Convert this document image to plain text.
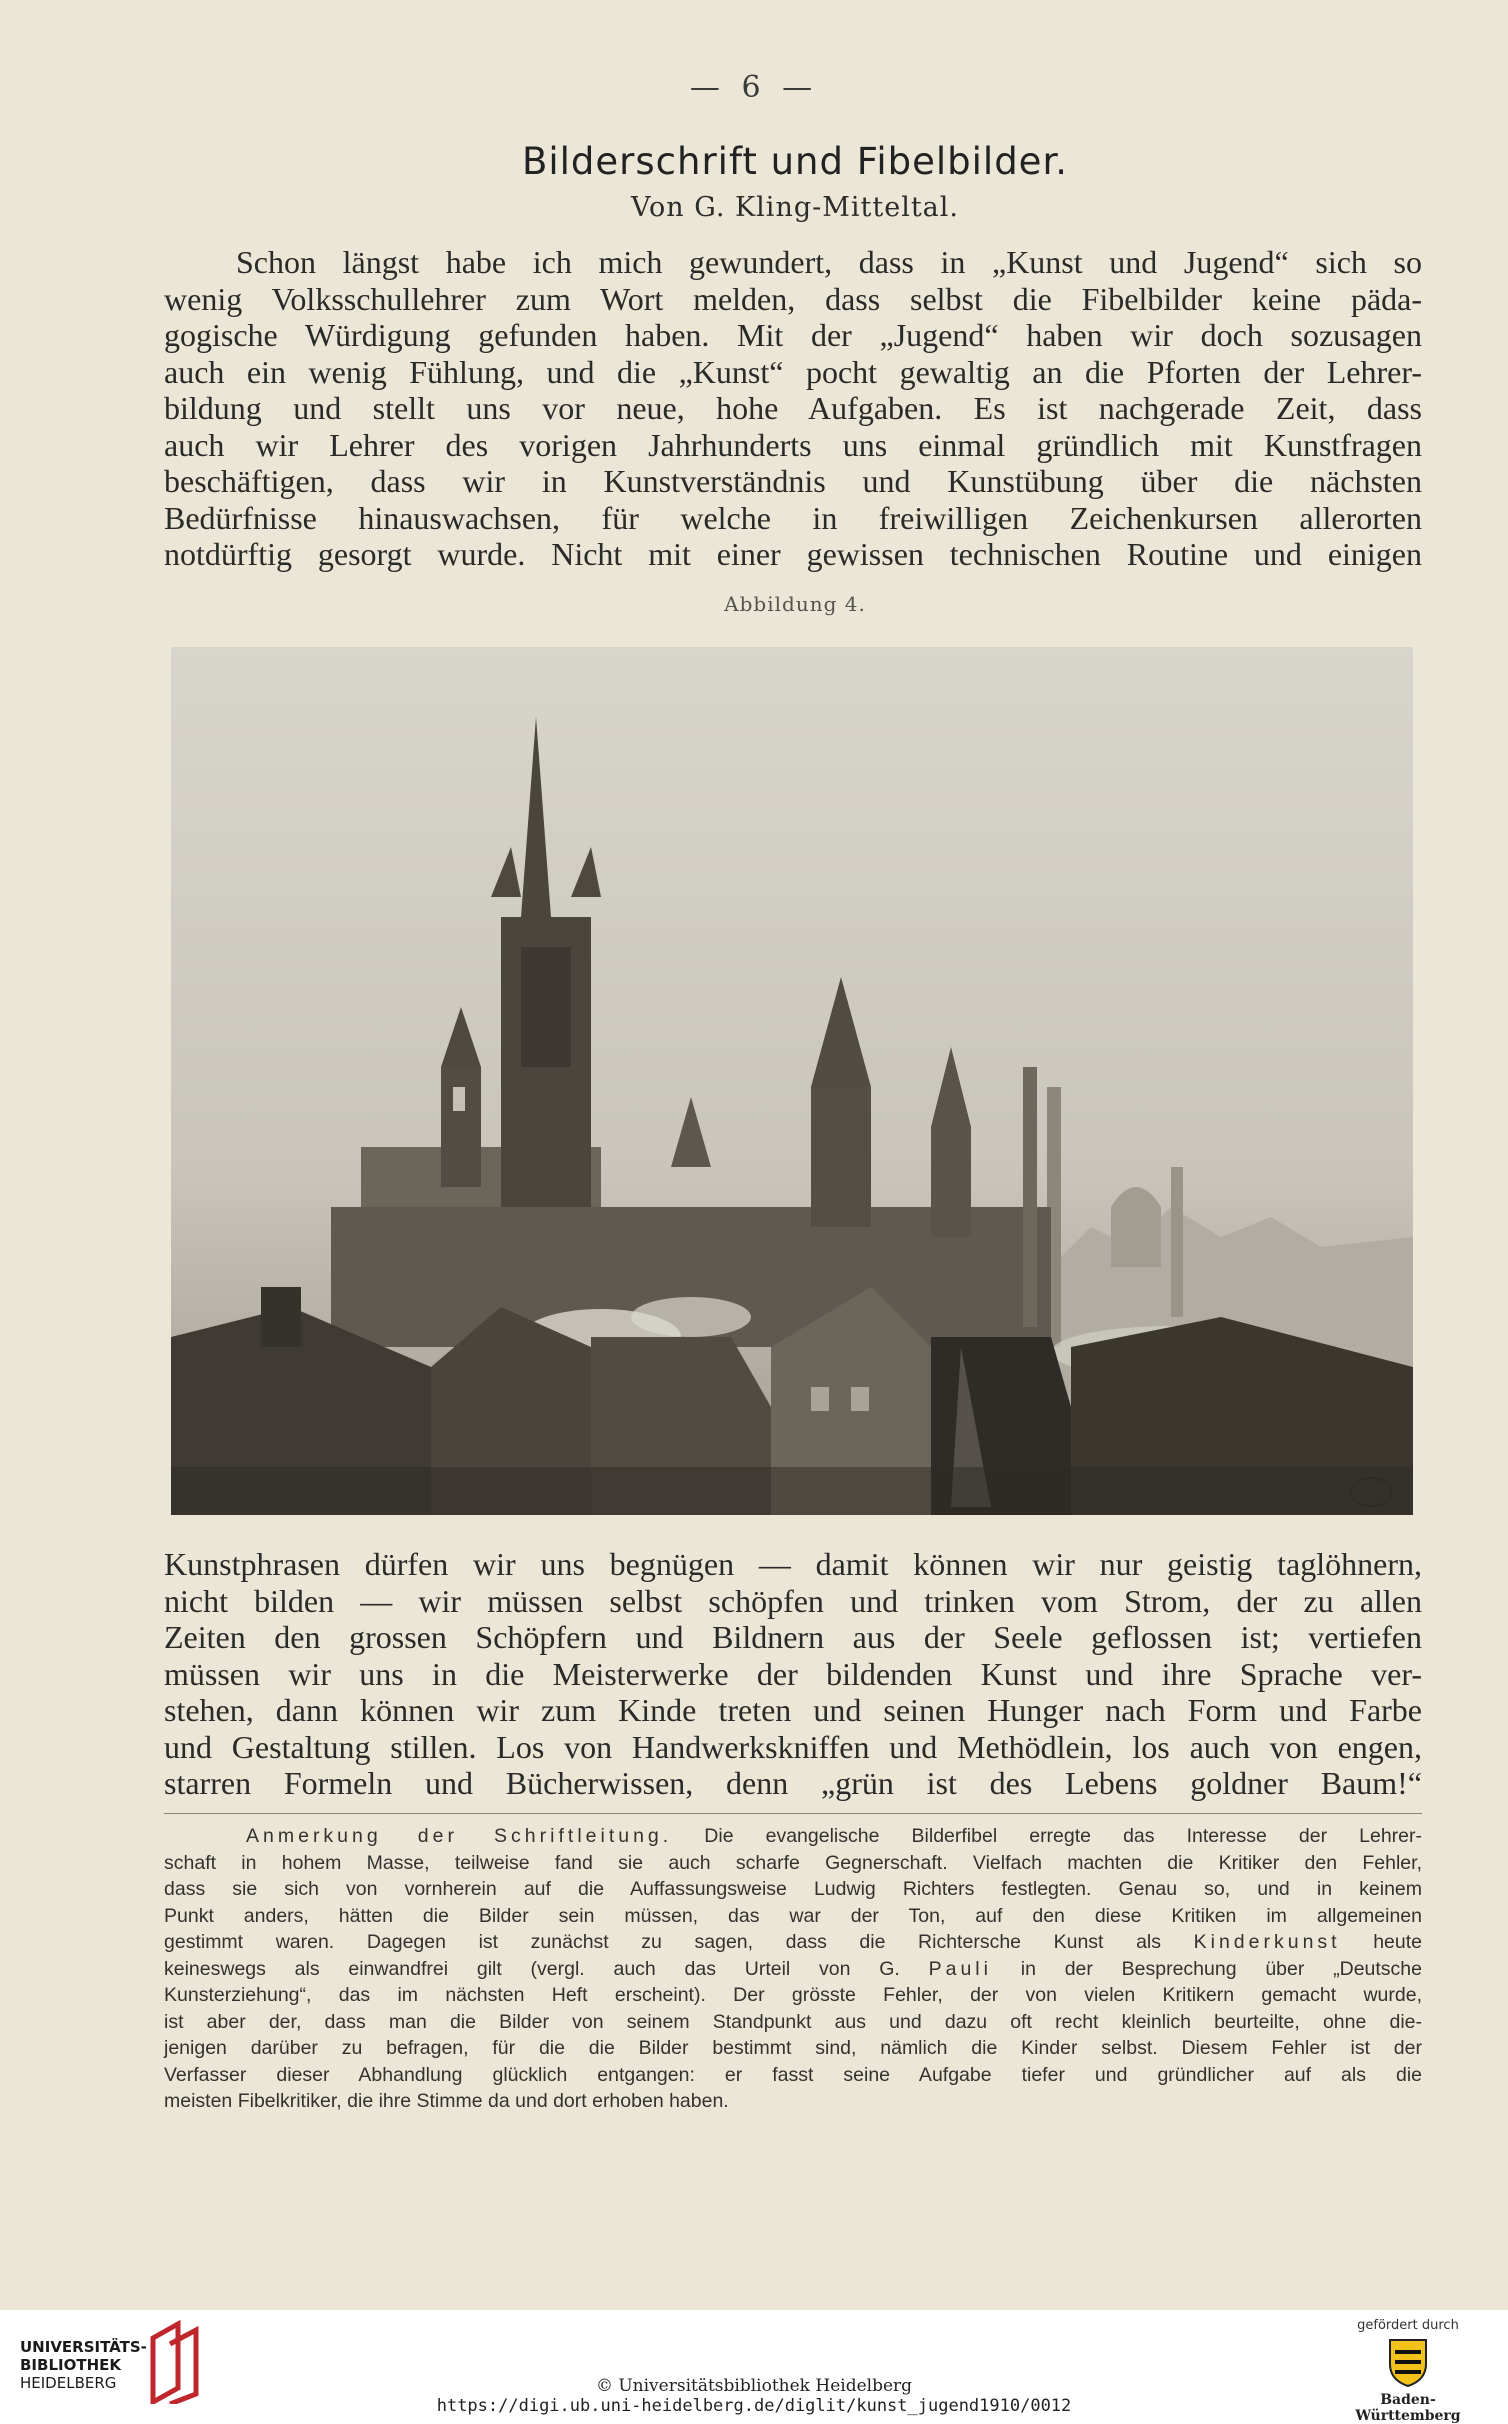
— 6 —
Bilderschrift und Fibelbilder.
Von G. Kling-Mitteltal.

Schon längst habe ich mich gewundert, dass in „Kunst und Jugend“ sich so
wenig Volksschullehrer zum Wort melden, dass selbst die Fibelbilder keine päda-
gogische Würdigung gefunden haben. Mit der „Jugend“ haben wir doch sozusagen
auch ein wenig Fühlung, und die „Kunst“ pocht gewaltig an die Pforten der Lehrer-
bildung und stellt uns vor neue, hohe Aufgaben. Es ist nachgerade Zeit, dass
auch wir Lehrer des vorigen Jahrhunderts uns einmal gründlich mit Kunstfragen
beschäftigen, dass wir in Kunstverständnis und Kunstübung über die nächsten
Bedürfnisse hinauswachsen, für welche in freiwilligen Zeichenkursen allerorten
notdürftig gesorgt wurde. Nicht mit einer gewissen technischen Routine und einigen

Abbildung 4.

Kunstphrasen dürfen wir uns begnügen — damit können wir nur geistig taglöhnern,
nicht bilden — wir müssen selbst schöpfen und trinken vom Strom, der zu allen
Zeiten den grossen Schöpfern und Bildnern aus der Seele geflossen ist; vertiefen
müssen wir uns in die Meisterwerke der bildenden Kunst und ihre Sprache ver-
stehen, dann können wir zum Kinde treten und seinen Hunger nach Form und Farbe
und Gestaltung stillen. Los von Handwerkskniffen und Methödlein, los auch von engen,
starren Formeln und Bücherwissen, denn „grün ist des Lebens goldner Baum!“

Anmerkung der Schriftleitung. Die evangelische Bilderfibel erregte das Interesse der Lehrer-
schaft in hohem Masse, teilweise fand sie auch scharfe Gegnerschaft. Vielfach machten die Kritiker den Fehler,
dass sie sich von vornherein auf die Auffassungsweise Ludwig Richters festlegten. Genau so, und in keinem
Punkt anders, hätten die Bilder sein müssen, das war der Ton, auf den diese Kritiken im allgemeinen
gestimmt waren. Dagegen ist zunächst zu sagen, dass die Richtersche Kunst als Kinderkunst heute
keineswegs als einwandfrei gilt (vergl. auch das Urteil von G. Pauli in der Besprechung über „Deutsche
Kunsterziehung“, das im nächsten Heft erscheint). Der grösste Fehler, der von vielen Kritikern gemacht wurde,
ist aber der, dass man die Bilder von seinem Standpunkt aus und dazu oft recht kleinlich beurteilte, ohne die-
jenigen darüber zu befragen, für die die Bilder bestimmt sind, nämlich die Kinder selbst. Diesem Fehler ist der
Verfasser dieser Abhandlung glücklich entgangen: er fasst seine Aufgabe tiefer und gründlicher auf als die
meisten Fibelkritiker, die ihre Stimme da und dort erhoben haben.

UNIVERSITÄTS-
BIBLIOTHEK
HEIDELBERG	© Universitätsbibliothek Heidelberg
https://digi.ub.uni-heidelberg.de/diglit/kunst_jugend1910/0012
gefördert durch
Baden-Württemberg
